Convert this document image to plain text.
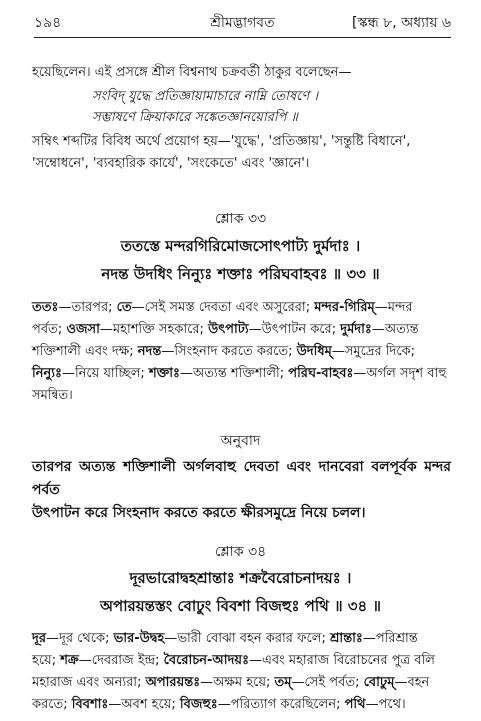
১৯৪	শ্রীমদ্ভাগবত	[স্কন্ধ ৮, অধ্যায় ৬
হয়েছিলেন। এই প্রসঙ্গে শ্রীল বিশ্বনাথ চক্রবর্তী ঠাকুর বলেছেন—
সংবিদ্ যুদ্ধে প্রতিজ্ঞায়ামাচারে নাম্নি তোষণে ।
সম্ভাষণে ক্রিয়াকারে সঙ্কেতজ্ঞানয়োরপি ॥
সম্বিৎ শব্দটির বিবিধ অর্থে প্রয়োগ হয়—'যুদ্ধে', 'প্রতিজ্ঞায়', 'সন্তুষ্টি বিধানে',
'সম্বোধনে', 'ব্যবহারিক কার্যে', 'সংকেতে' এবং 'জ্ঞানে'।
শ্লোক ৩৩
ততস্তে মন্দরগিরিমোজসোৎপাট্য দুর্মদাঃ ।
নদন্ত উদধিং নিন্যুঃ শক্তাঃ পরিঘবাহবঃ ॥ ৩৩ ॥
ততঃ—তারপর; তে—সেই সমস্ত দেবতা এবং অসুরেরা; মন্দর-গিরিম্—মন্দর
পর্বত; ওজসা—মহাশক্তি সহকারে; উৎপাট্য—উৎপাটন করে; দুর্মদাঃ—অত্যন্ত
শক্তিশালী এবং দক্ষ; নদন্ত—সিংহনাদ করতে করতে; উদধিম্—সমুদ্রের দিকে;
নিন্যুঃ—নিয়ে যাচ্ছিল; শক্তাঃ—অত্যন্ত শক্তিশালী; পরিঘ-বাহবঃ—অর্গল সদৃশ বাহু
সমন্বিত।
অনুবাদ
তারপর অত্যন্ত শক্তিশালী অর্গলবাহু দেবতা এবং দানবেরা বলপূর্বক মন্দর পর্বত
উৎপাটন করে সিংহনাদ করতে করতে ক্ষীরসমুদ্রে নিয়ে চলল।
শ্লোক ৩৪
দূরভারোদ্বহশ্রান্তাঃ শক্রবৈরোচনাদয়ঃ ।
অপারয়ন্তস্তং বোঢুং বিবশা বিজহুঃ পথি ॥ ৩৪ ॥
দূর—দূর থেকে; ভার-উদ্বহ—ভারী বোঝা বহন করার ফলে; শ্রান্তাঃ—পরিশ্রান্ত
হয়ে; শক্র—দেবরাজ ইন্দ্র; বৈরোচন-আদয়ঃ—এবং মহারাজ বিরোচনের পুত্র বলি
মহারাজ এবং অন্যরা; অপারয়ন্তঃ—অক্ষম হয়ে; তম্—সেই পর্বত; বোঢুম্—বহন
করতে; বিবশাঃ—অবশ হয়ে; বিজহুঃ—পরিত্যাগ করেছিলেন; পথি—পথে।
